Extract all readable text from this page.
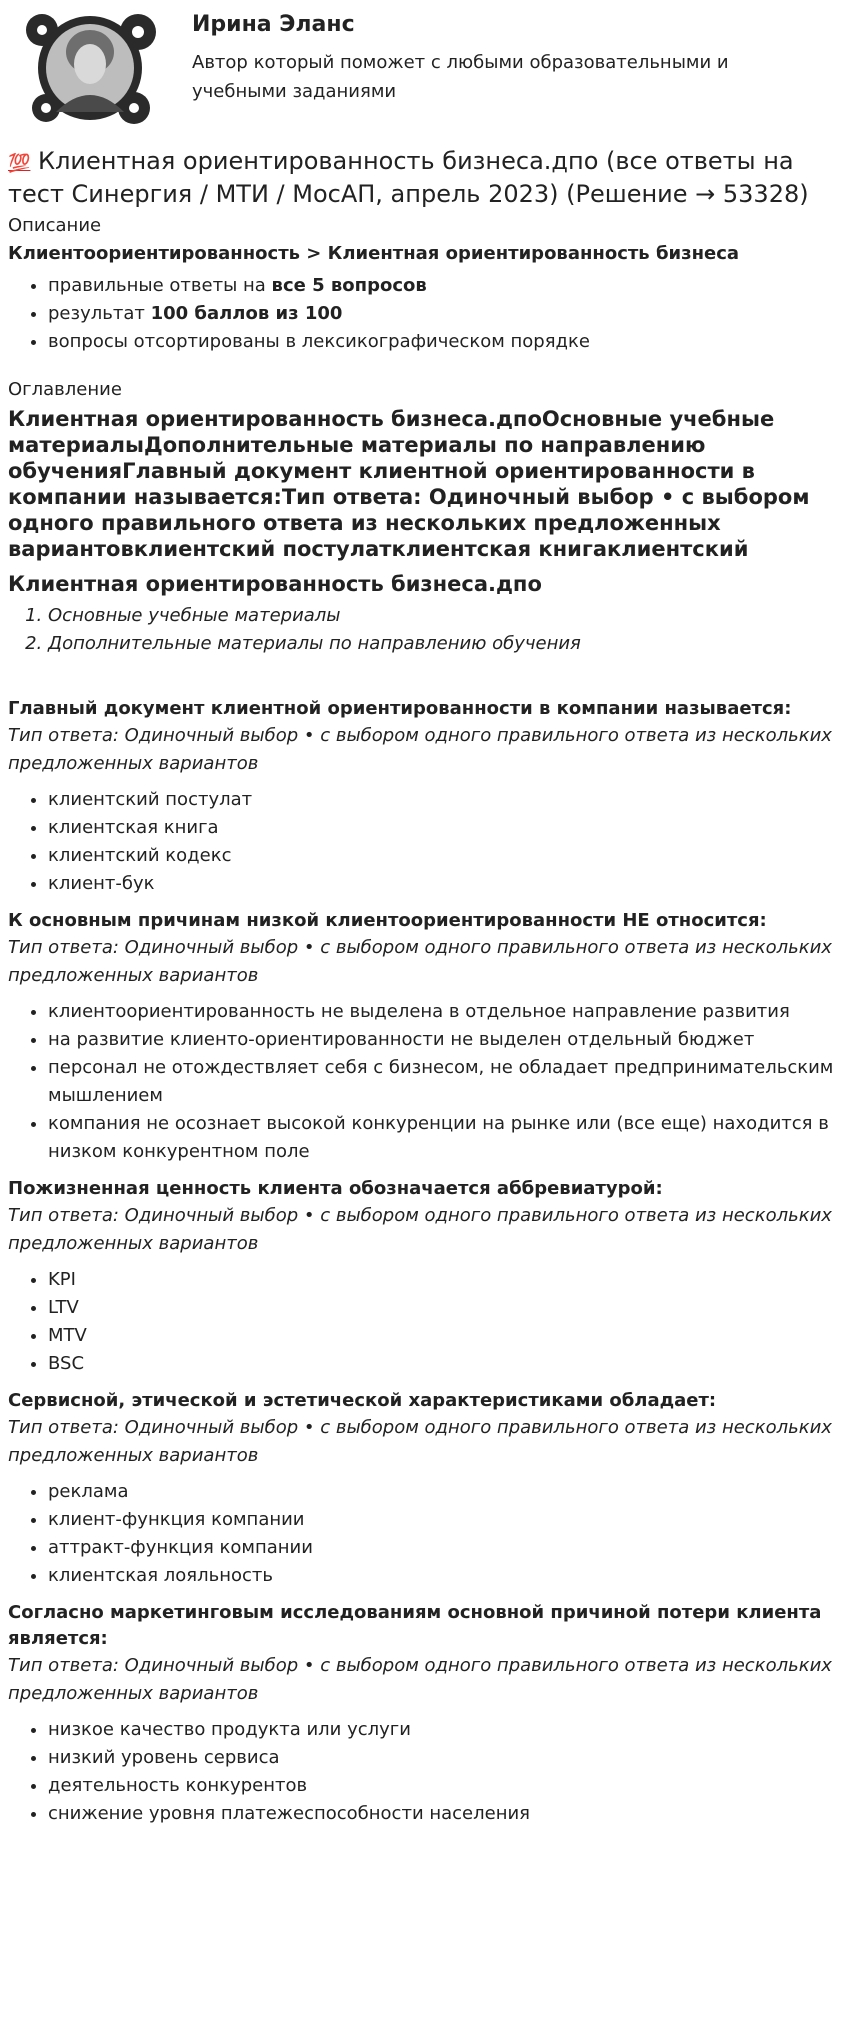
Ирина Эланс
Автор который поможет с любыми образовательными и учебными заданиями
💯 Клиентная ориентированность бизнеса.дпо (все ответы на тест Синергия / МТИ / МосАП, апрель 2023) (Решение → 53328)
Описание
Клиентоориентированность > Клиентная ориентированность бизнеса
• правильные ответы на все 5 вопросов
• результат 100 баллов из 100
• вопросы отсортированы в лексикографическом порядке
Оглавление
Клиентная ориентированность бизнеса.дпоОсновные учебные материалыДополнительные материалы по направлению обученияГлавный документ клиентной ориентированности в компании называется:Тип ответа: Одиночный выбор • с выбором одного правильного ответа из нескольких предложенных вариантовклиентский постулатклиентская книгаклиентский
Клиентная ориентированность бизнеса.дпо
1. Основные учебные материалы
2. Дополнительные материалы по направлению обучения
Главный документ клиентной ориентированности в компании называется:
Тип ответа: Одиночный выбор • с выбором одного правильного ответа из нескольких предложенных вариантов
• клиентский постулат
• клиентская книга
• клиентский кодекс
• клиент-бук
К основным причинам низкой клиентоориентированности НЕ относится:
Тип ответа: Одиночный выбор • с выбором одного правильного ответа из нескольких предложенных вариантов
• клиентоориентированность не выделена в отдельное направление развития
• на развитие клиенто-ориентированности не выделен отдельный бюджет
• персонал не отождествляет себя с бизнесом, не обладает предпринимательским мышлением
• компания не осознает высокой конкуренции на рынке или (все еще) находится в низком конкурентном поле
Пожизненная ценность клиента обозначается аббревиатурой:
Тип ответа: Одиночный выбор • с выбором одного правильного ответа из нескольких предложенных вариантов
• KPI
• LTV
• MTV
• BSC
Сервисной, этической и эстетической характеристиками обладает:
Тип ответа: Одиночный выбор • с выбором одного правильного ответа из нескольких предложенных вариантов
• реклама
• клиент-функция компании
• аттракт-функция компании
• клиентская лояльность
Согласно маркетинговым исследованиям основной причиной потери клиента является:
Тип ответа: Одиночный выбор • с выбором одного правильного ответа из нескольких предложенных вариантов
• низкое качество продукта или услуги
• низкий уровень сервиса
• деятельность конкурентов
• снижение уровня платежеспособности населения
